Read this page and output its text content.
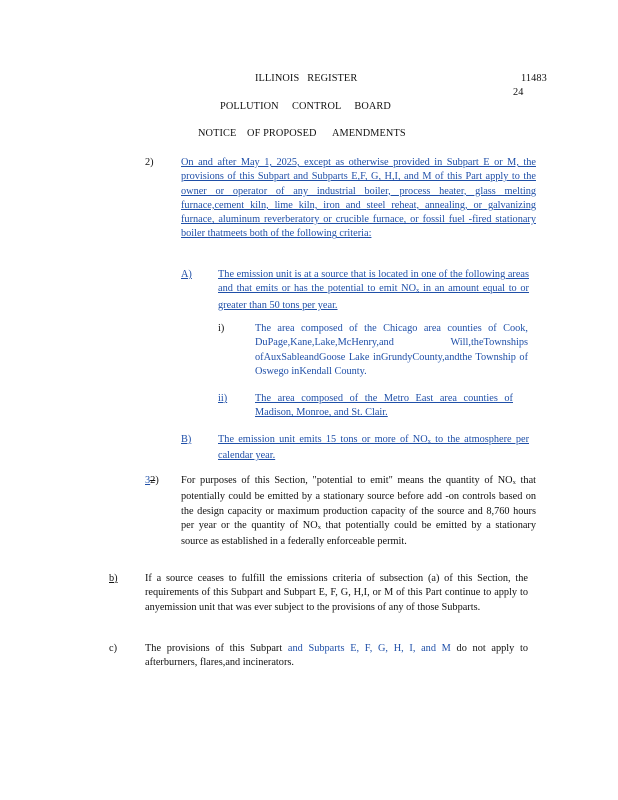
ILLINOIS   REGISTER	11483
24
POLLUTION     CONTROL     BOARD
NOTICE    OF PROPOSED      AMENDMENTS
2)	On and after May 1, 2025, except as otherwise provided in Subpart E or M, the provisions of this Subpart and Subparts E,F, G, H,I, and M of this Part apply to the owner or operator of any industrial boiler, process heater, glass melting furnace,cement kiln, lime kiln, iron and steel reheat, annealing, or galvanizing furnace, aluminum reverberatory or crucible furnace, or fossil fuel -fired stationary boiler thatmeets both of the following criteria:
A)	The emission unit is at a source that is located in one of the following areas and that emits or has the potential to emit $NO_x$ in an amount equal to or greater than 50 tons per year.
i)	The area composed of the Chicago area counties of Cook, DuPage,Kane,Lake,McHenry,and Will,theTownships ofAuxSableandGoose Lake inGrundyCounty,andthe Township of Oswego inKendall County.
ii)	The area composed of the Metro East area counties of Madison, Monroe, and St. Clair.
B)	The emission unit emits 15 tons or more of $NO_x$ to the atmosphere per calendar year.
32) For purposes of this Section, "potential to emit" means the quantity of $NO_x$ that potentially could be emitted by a stationary source before add -on controls based on the design capacity or maximum production capacity of the source and 8,760 hours per year or the quantity of $NO_x$ that potentially could be emitted by a stationary source as established in a federally enforceable permit.
b)	If a source ceases to fulfill the emissions criteria of subsection (a) of this Section, the requirements of this Subpart and Subpart E, F, G, H,I, or M of this Part continue to apply to anyemission unit that was ever subject to the provisions of any of those Subparts.
c)	The provisions of this Subpart and Subparts E, F, G, H, I, and M do not apply to afterburners, flares,and incinerators.
